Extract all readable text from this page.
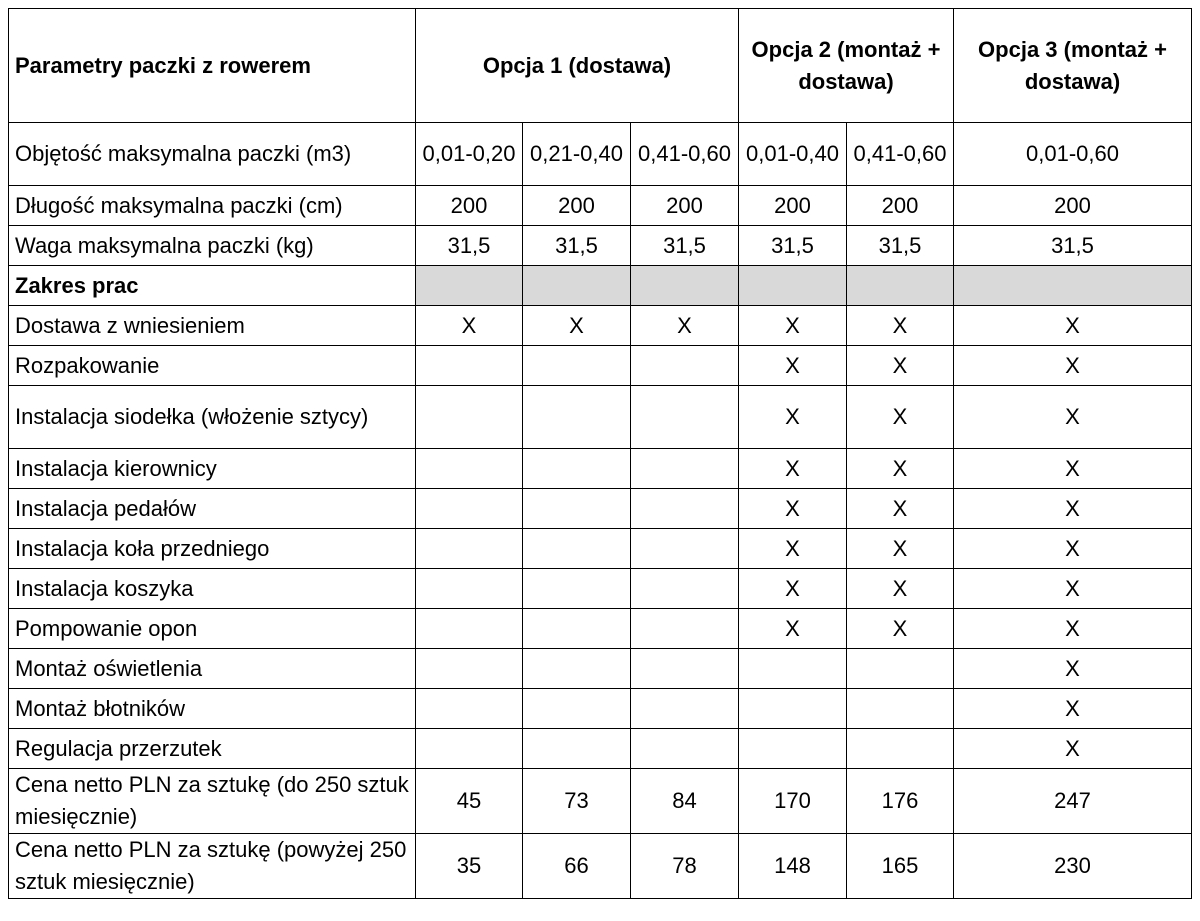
Parametry paczki z rowerem	Opcja 1 (dostawa)			Opcja 2 (montaż + dostawa)		Opcja 3 (montaż + dostawa)
Objętość maksymalna paczki (m3)	0,01-0,20	0,21-0,40	0,41-0,60	0,01-0,40	0,41-0,60	0,01-0,60
Długość maksymalna paczki (cm)	200	200	200	200	200	200
Waga maksymalna paczki (kg)	31,5	31,5	31,5	31,5	31,5	31,5
Zakres prac						
Dostawa z wniesieniem	X	X	X	X	X	X
Rozpakowanie				X	X	X
Instalacja siodełka (włożenie sztycy)				X	X	X
Instalacja kierownicy				X	X	X
Instalacja pedałów				X	X	X
Instalacja koła przedniego				X	X	X
Instalacja koszyka				X	X	X
Pompowanie opon				X	X	X
Montaż oświetlenia						X
Montaż błotników						X
Regulacja przerzutek						X
Cena netto PLN za sztukę (do 250 sztuk miesięcznie)	45	73	84	170	176	247
Cena netto PLN za sztukę (powyżej 250 sztuk miesięcznie)	35	66	78	148	165	230
